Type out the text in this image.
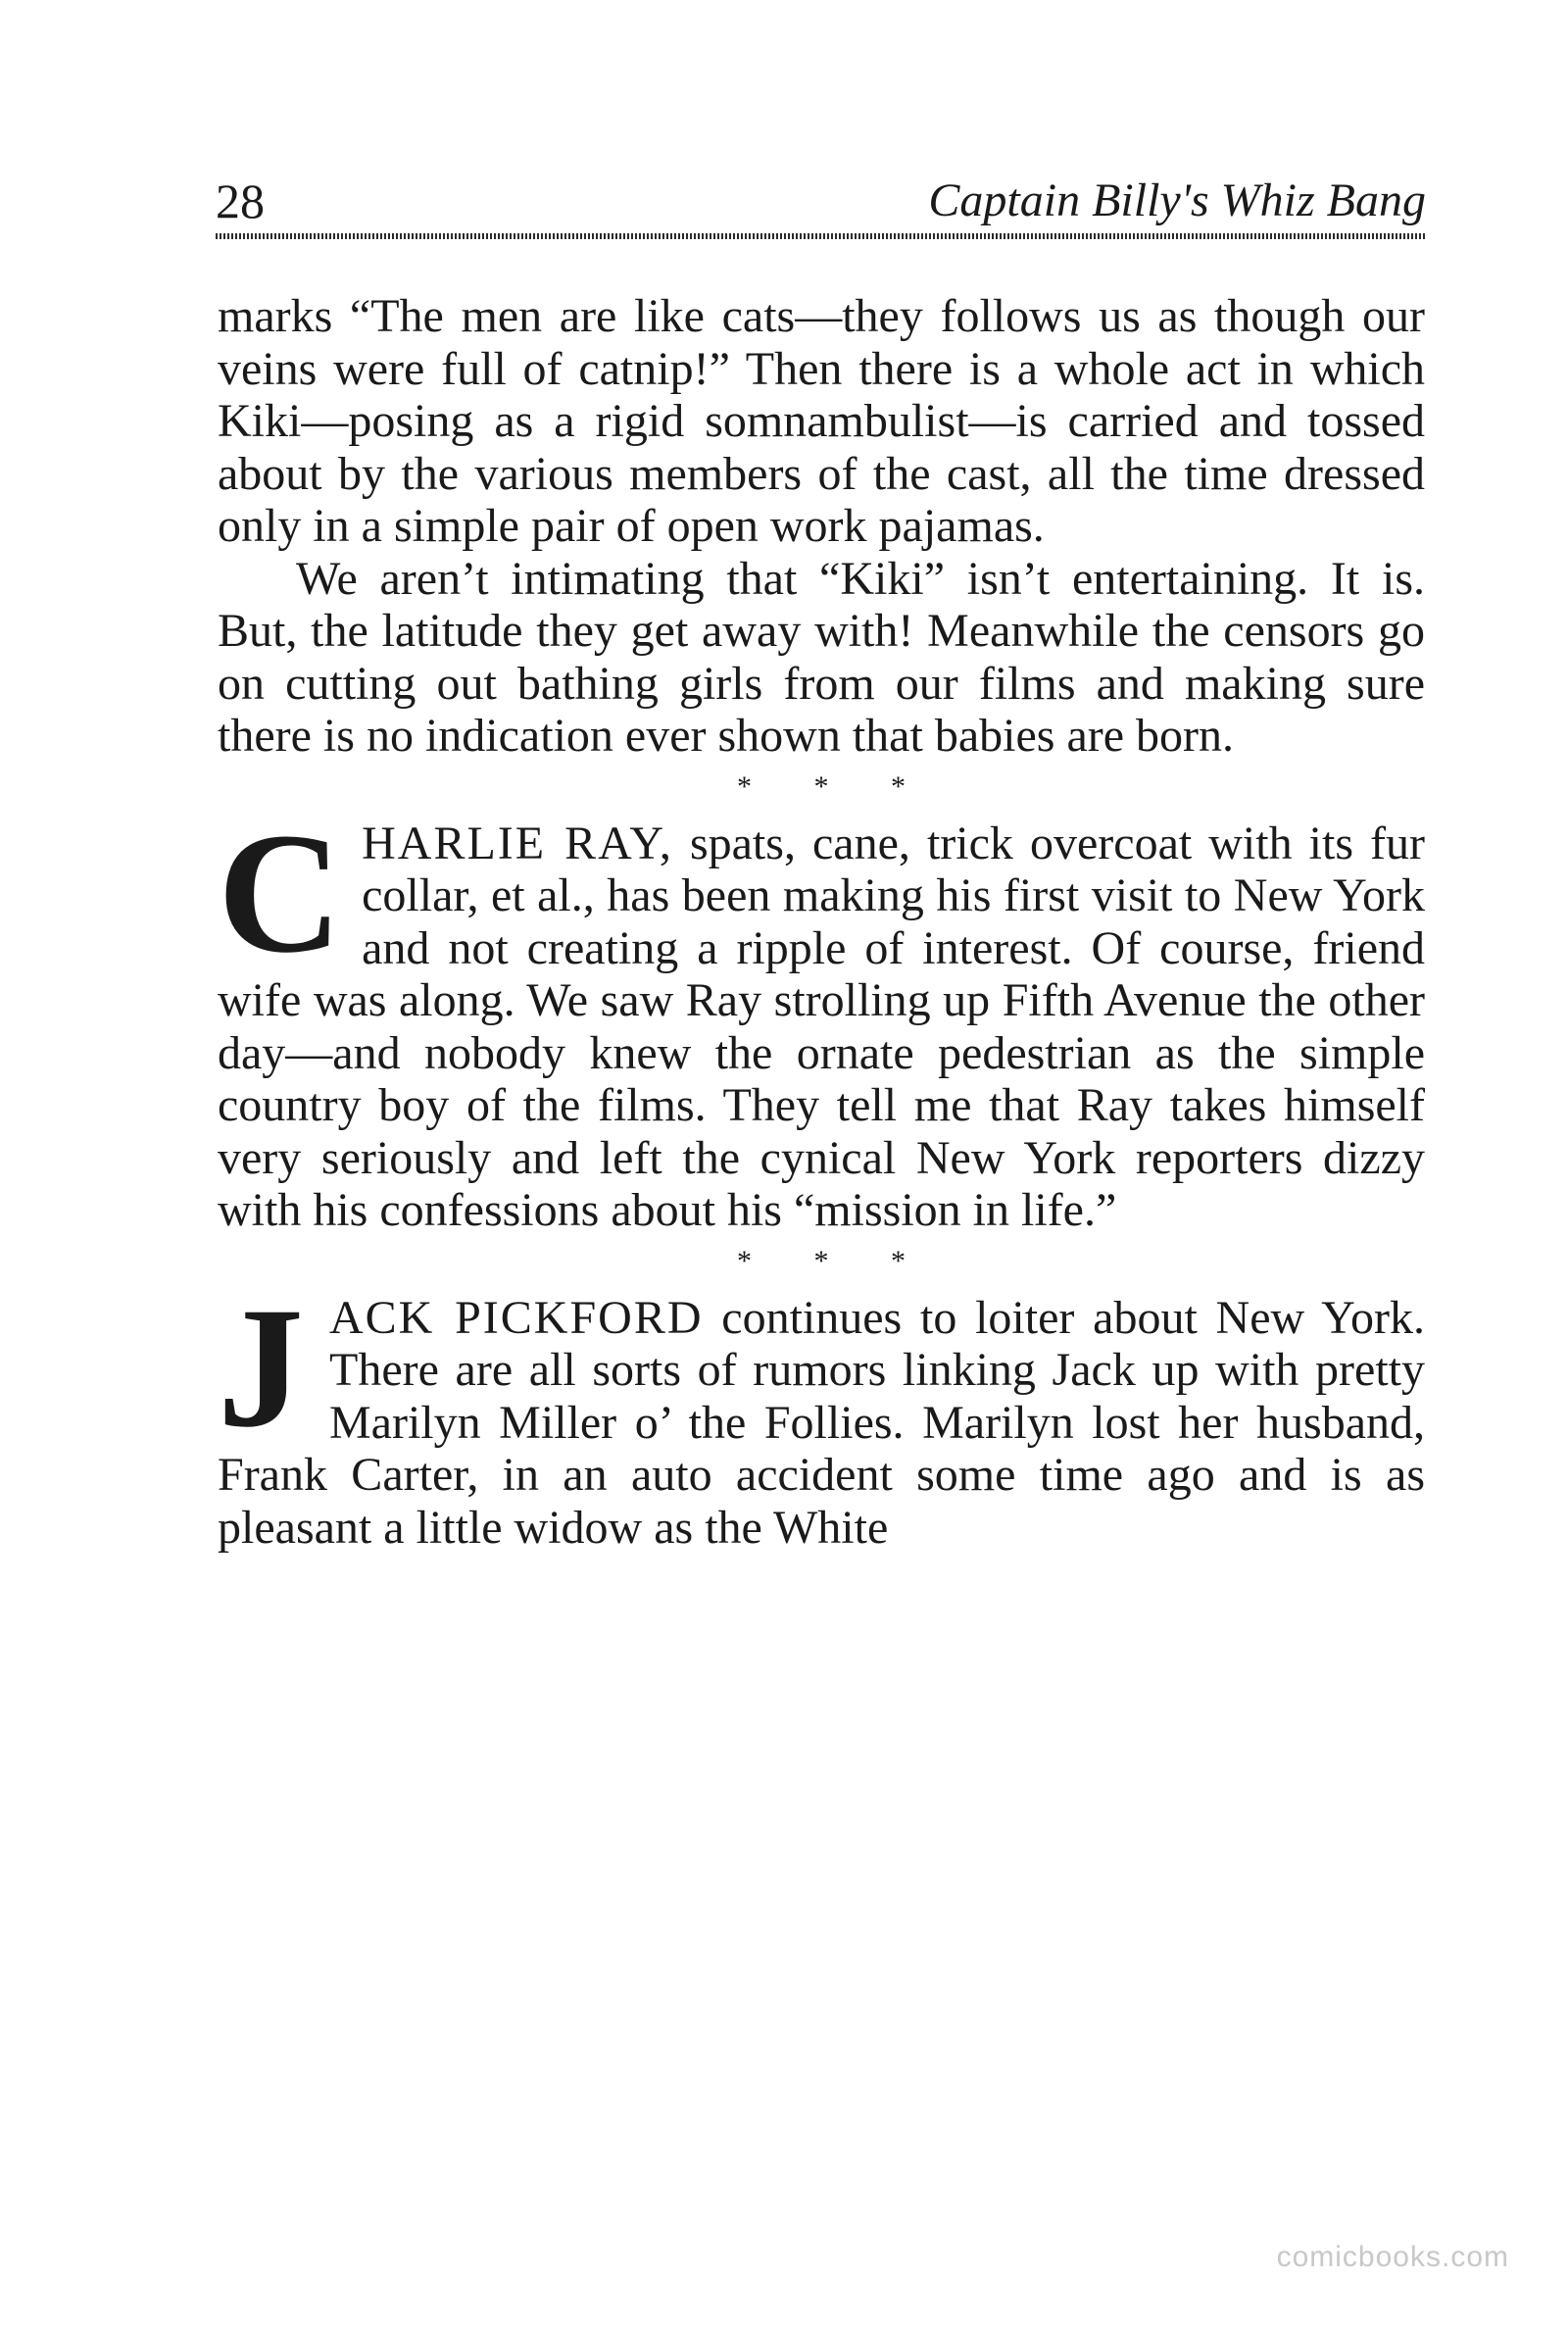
28	Captain Billy's Whiz Bang

marks “The men are like cats—they follows us as though our veins were full of catnip!” Then there is a whole act in which Kiki—posing as a rigid somnambulist—is carried and tossed about by the various members of the cast, all the time dressed only in a simple pair of open work pajamas.

We aren’t intimating that “Kiki” isn’t entertaining. It is. But, the latitude they get away with! Meanwhile the censors go on cutting out bathing girls from our films and making sure there is no indication ever shown that babies are born.

* * *

CHARLIE RAY, spats, cane, trick overcoat with its fur collar, et al., has been making his first visit to New York and not creating a ripple of interest. Of course, friend wife was along. We saw Ray strolling up Fifth Avenue the other day—and nobody knew the ornate pedestrian as the simple country boy of the films. They tell me that Ray takes himself very seriously and left the cynical New York reporters dizzy with his confessions about his “mission in life.”

* * *

JACK PICKFORD continues to loiter about New York. There are all sorts of rumors linking Jack up with pretty Marilyn Miller o’ the Follies. Marilyn lost her husband, Frank Carter, in an auto accident some time ago and is as pleasant a little widow as the White

comicbooks.com
